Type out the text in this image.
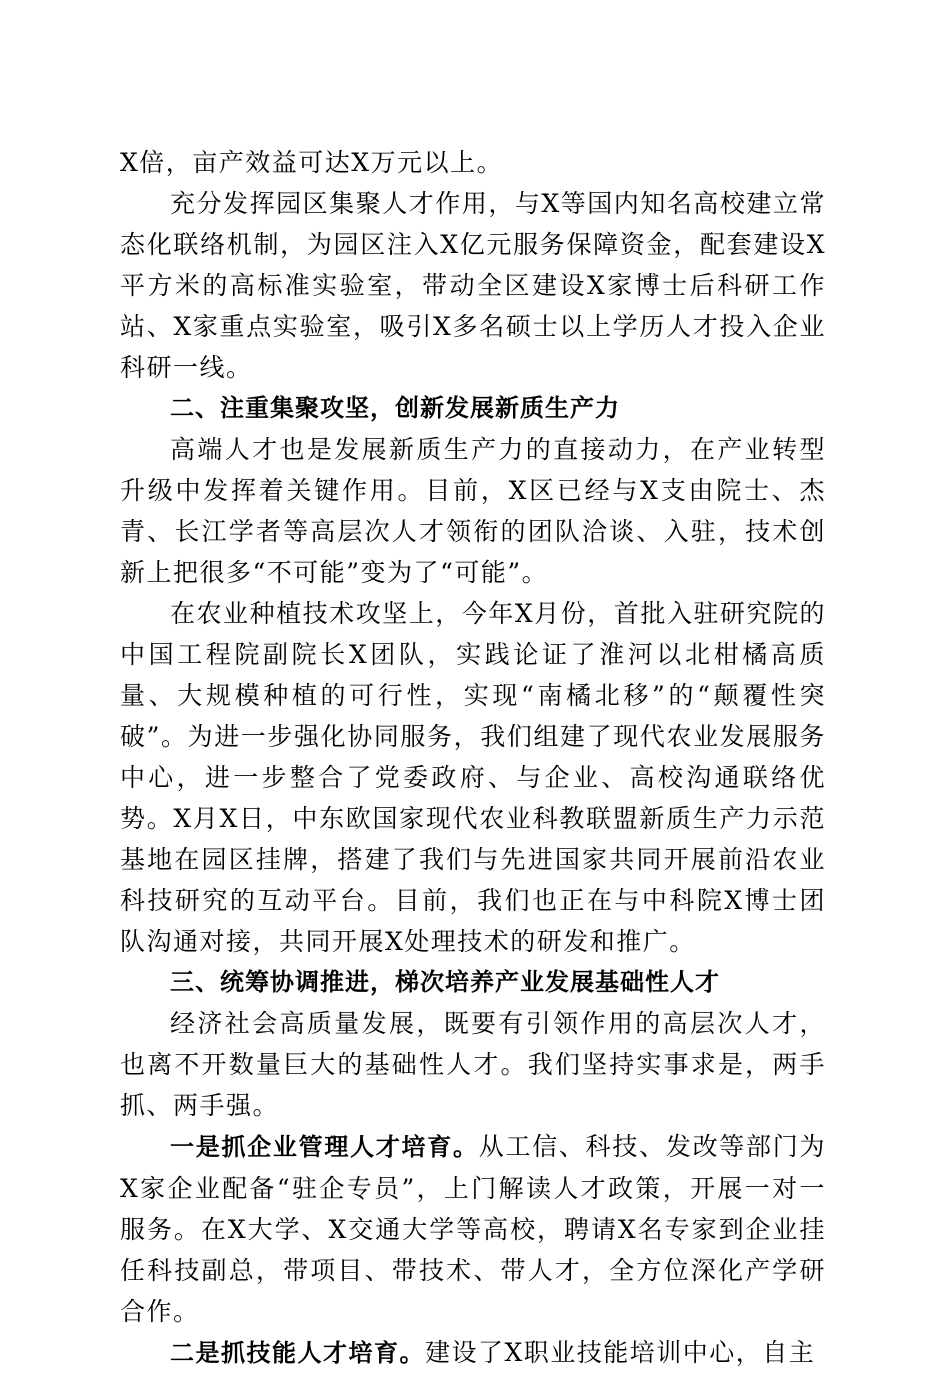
X倍，亩产效益可达X万元以上。

充分发挥园区集聚人才作用，与X等国内知名高校建立常态化联络机制，为园区注入X亿元服务保障资金，配套建设X平方米的高标准实验室，带动全区建设X家博士后科研工作站、X家重点实验室，吸引X多名硕士以上学历人才投入企业科研一线。

二、注重集聚攻坚，创新发展新质生产力

高端人才也是发展新质生产力的直接动力，在产业转型升级中发挥着关键作用。目前，X区已经与X支由院士、杰青、长江学者等高层次人才领衔的团队洽谈、入驻，技术创新上把很多“不可能”变为了“可能”。

在农业种植技术攻坚上，今年X月份，首批入驻研究院的中国工程院副院长X团队，实践论证了淮河以北柑橘高质量、大规模种植的可行性，实现“南橘北移”的“颠覆性突破”。为进一步强化协同服务，我们组建了现代农业发展服务中心，进一步整合了党委政府、与企业、高校沟通联络优势。X月X日，中东欧国家现代农业科教联盟新质生产力示范基地在园区挂牌，搭建了我们与先进国家共同开展前沿农业科技研究的互动平台。目前，我们也正在与中科院X博士团队沟通对接，共同开展X处理技术的研发和推广。

三、统筹协调推进，梯次培养产业发展基础性人才

经济社会高质量发展，既要有引领作用的高层次人才，也离不开数量巨大的基础性人才。我们坚持实事求是，两手抓、两手强。

一是抓企业管理人才培育。从工信、科技、发改等部门为X家企业配备“驻企专员”，上门解读人才政策，开展一对一服务。在X大学、X交通大学等高校，聘请X名专家到企业挂任科技副总，带项目、带技术、带人才，全方位深化产学研合作。

二是抓技能人才培育。建设了X职业技能培训中心，自主
